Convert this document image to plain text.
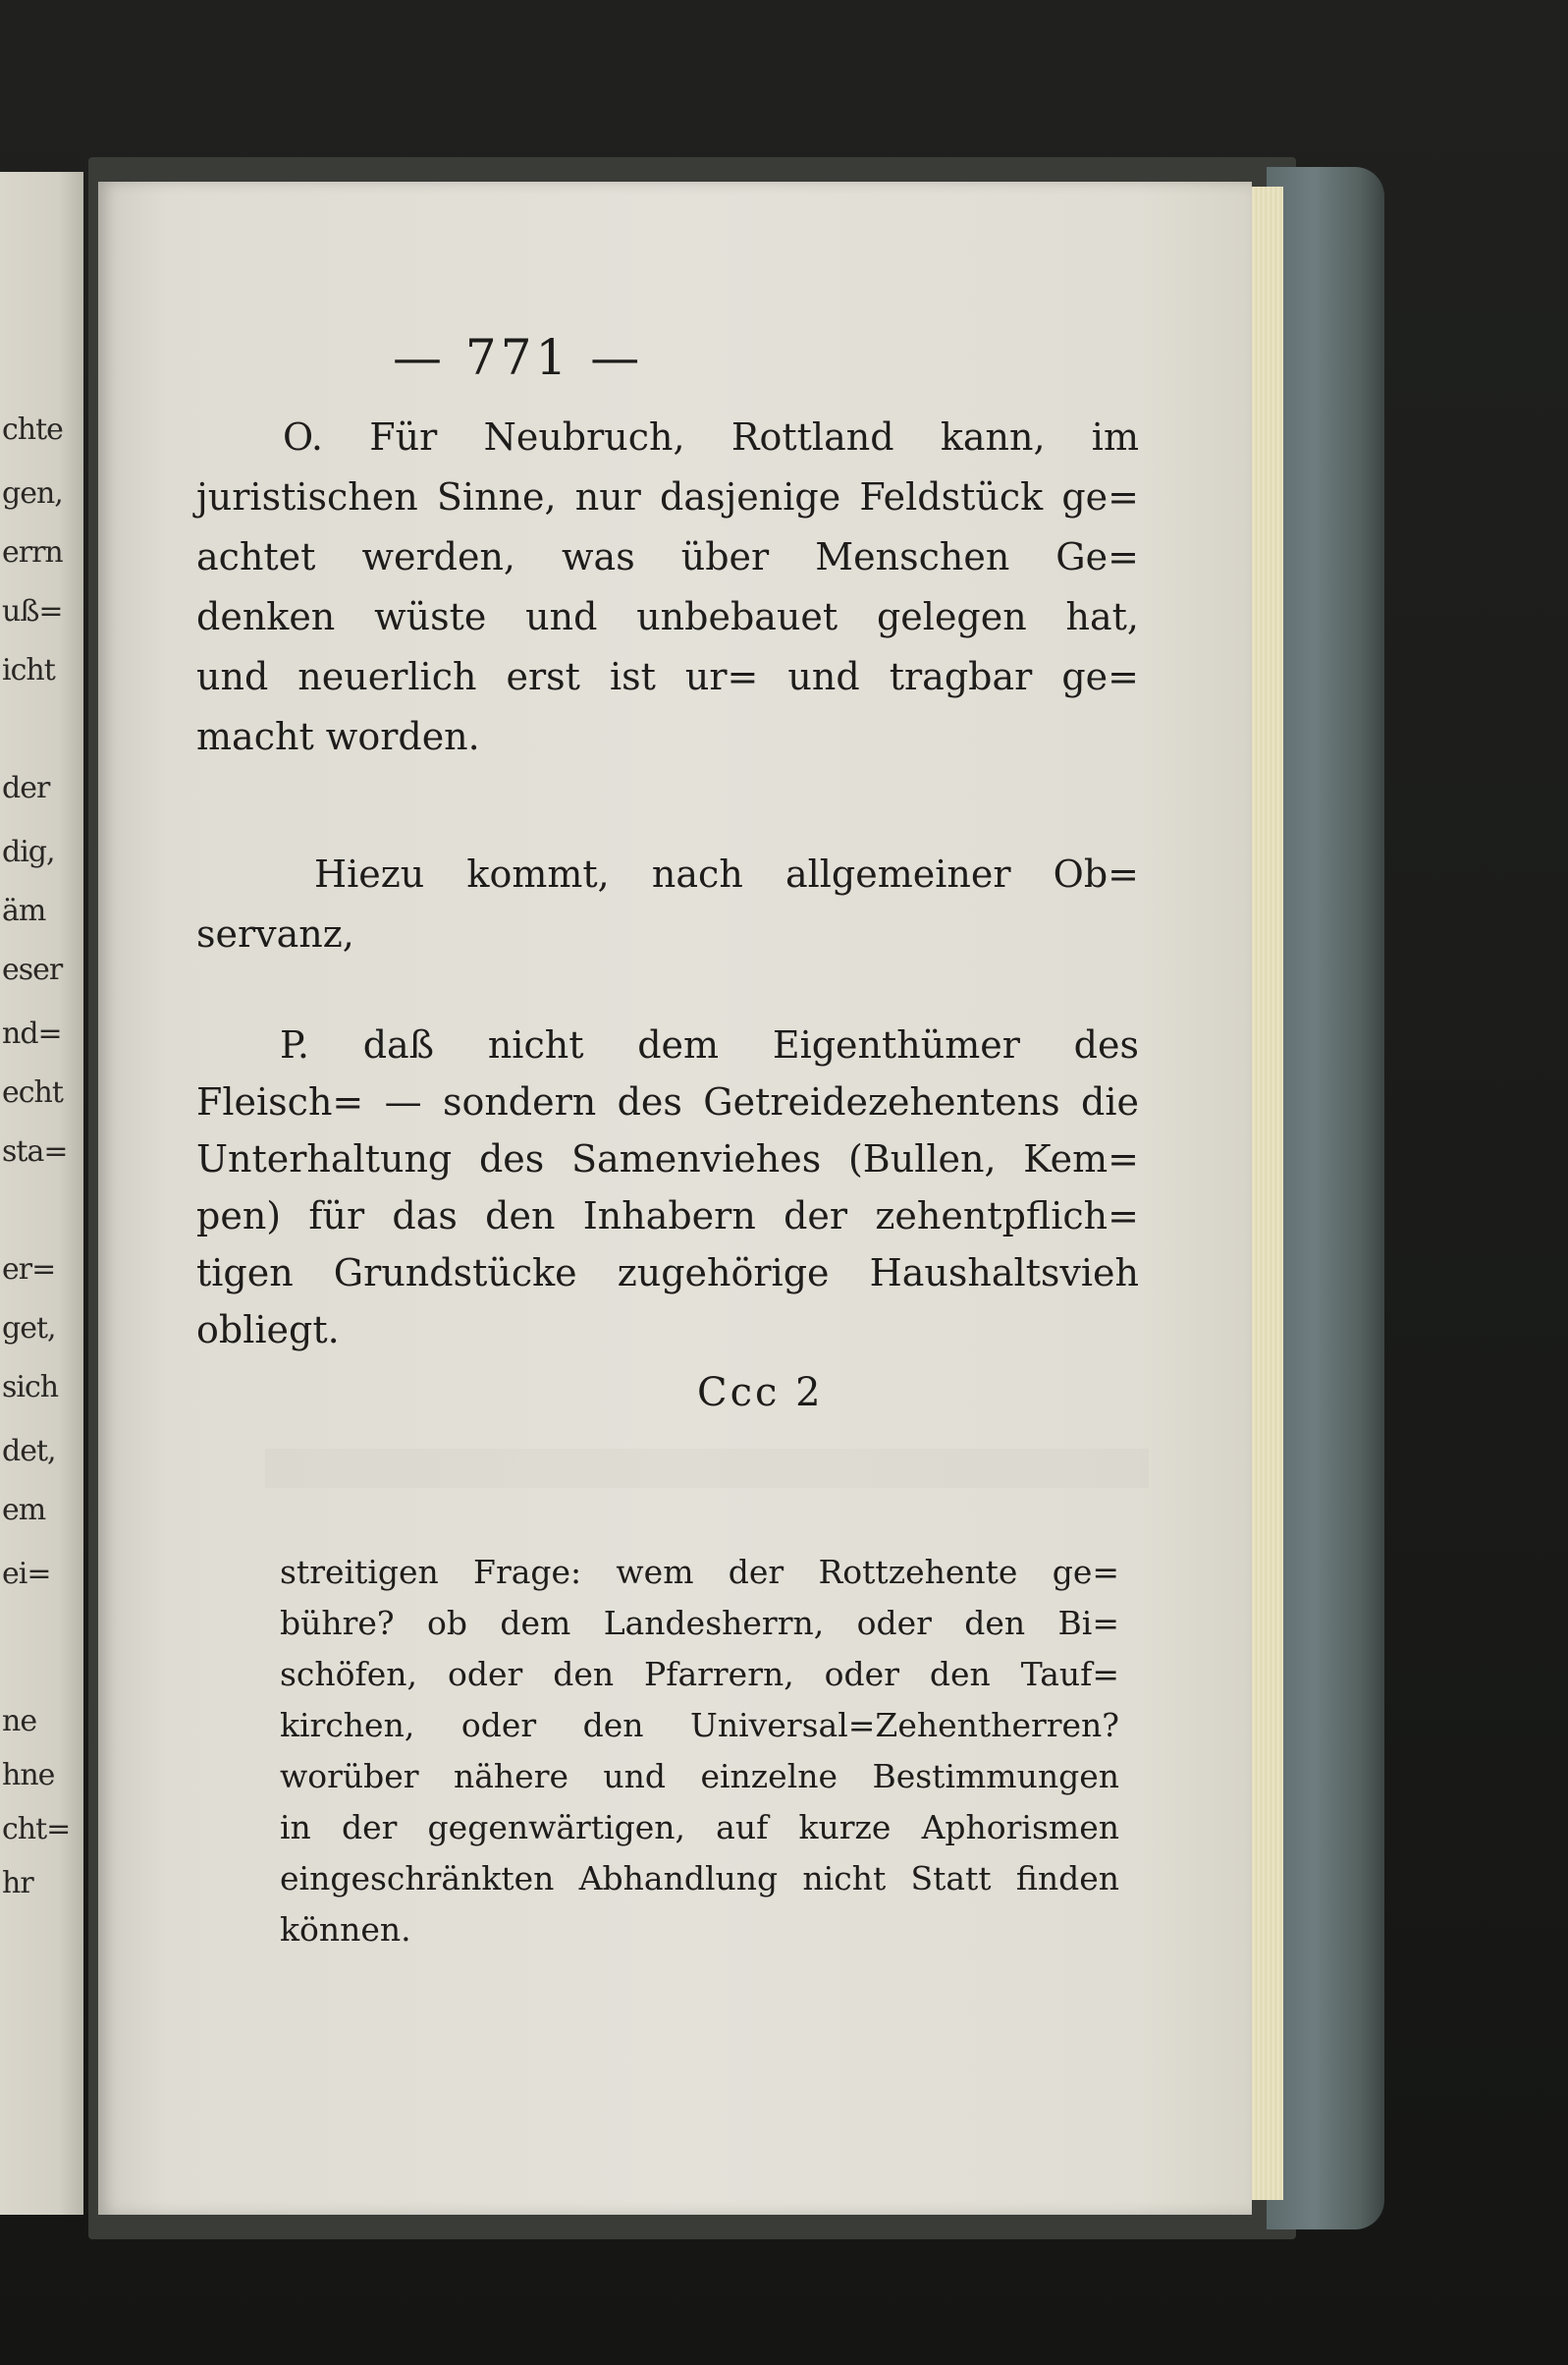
chte
gen,
errn
uß=
icht
der
dig,
äm
eser
nd=
echt
sta=
er=
get,
sich
det,
em
ei=
ne
hne
cht=
hr
— 771 —
O. Für Neubruch, Rottland kann, im
juristischen Sinne, nur dasjenige Feldstück ge=
achtet werden, was über Menschen Ge=
denken wüste und unbebauet gelegen hat,
und neuerlich erst ist ur= und tragbar ge=
macht worden.
Hiezu kommt, nach allgemeiner Ob=
servanz,
P. daß nicht dem Eigenthümer des
Fleisch= — sondern des Getreidezehentens die
Unterhaltung des Samenviehes (Bullen, Kem=
pen) für das den Inhabern der zehentpflich=
tigen Grundstücke zugehörige Haushaltsvieh
obliegt.
Ccc 2
streitigen Frage: wem der Rottzehente ge=
bühre? ob dem Landesherrn, oder den Bi=
schöfen, oder den Pfarrern, oder den Tauf=
kirchen, oder den Universal=Zehentherren?
worüber nähere und einzelne Bestimmungen
in der gegenwärtigen, auf kurze Aphorismen
eingeschränkten Abhandlung nicht Statt finden
können.
